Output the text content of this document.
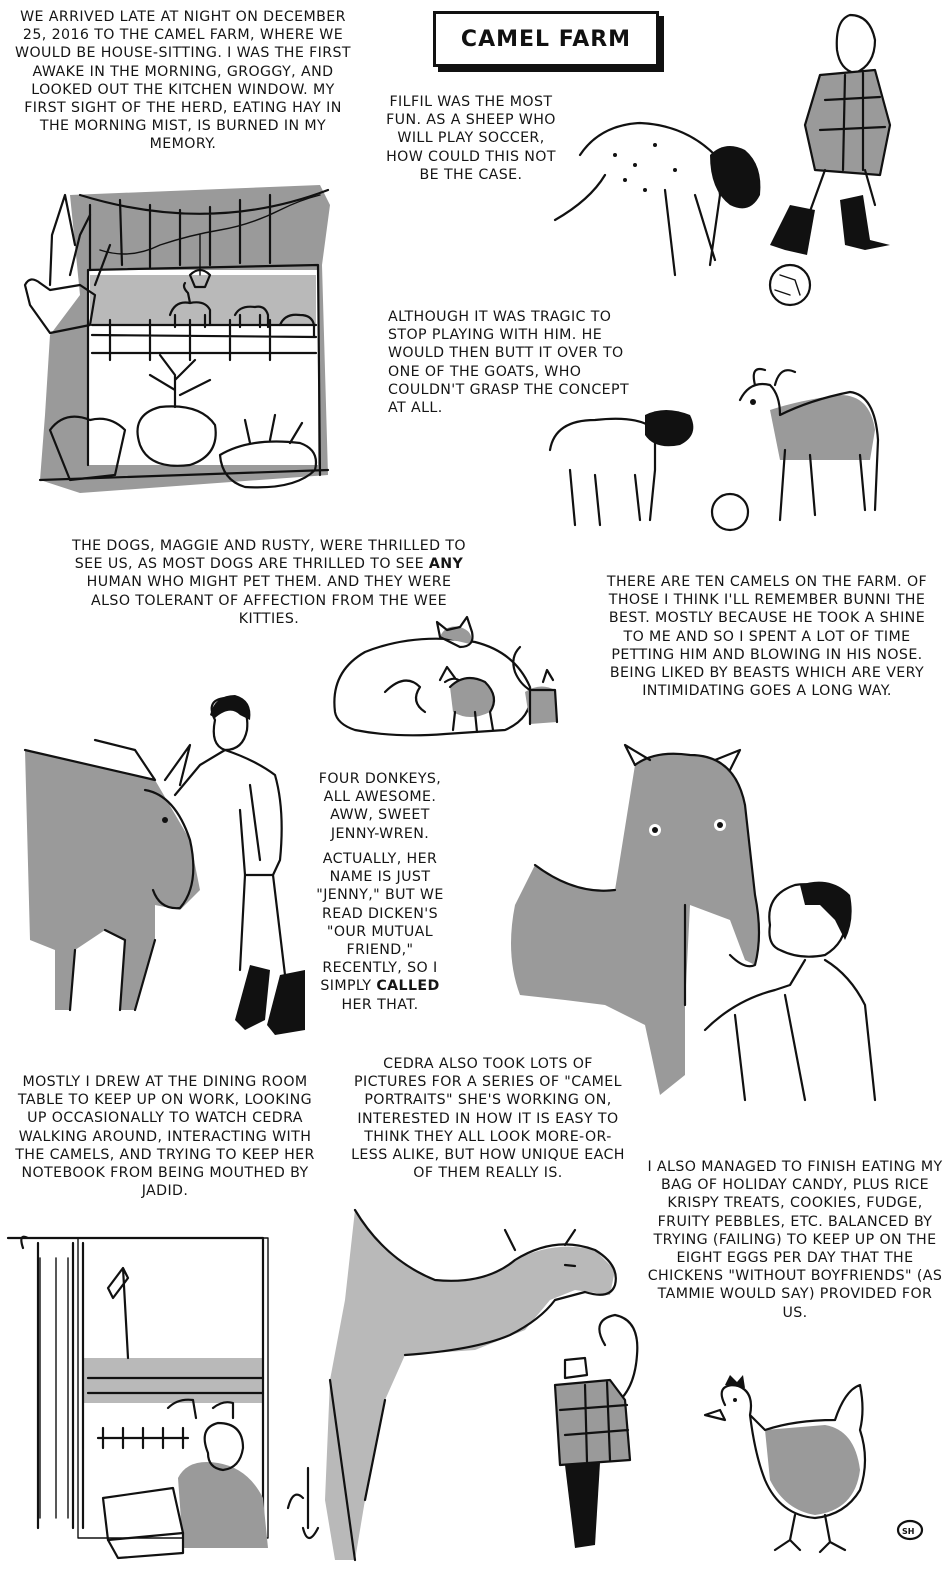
CAMEL FARM

WE ARRIVED LATE AT NIGHT ON DECEMBER 25, 2016 TO THE CAMEL FARM, WHERE WE WOULD BE HOUSE-SITTING. I WAS THE FIRST AWAKE IN THE MORNING, GROGGY, AND LOOKED OUT THE KITCHEN WINDOW. MY FIRST SIGHT OF THE HERD, EATING HAY IN THE MORNING MIST, IS BURNED IN MY MEMORY.

FILFIL WAS THE MOST FUN. AS A SHEEP WHO WILL PLAY SOCCER, HOW COULD THIS NOT BE THE CASE.

ALTHOUGH IT WAS TRAGIC TO STOP PLAYING WITH HIM. HE WOULD THEN BUTT IT OVER TO ONE OF THE GOATS, WHO COULDN'T GRASP THE CONCEPT AT ALL.

THE DOGS, MAGGIE AND RUSTY, WERE THRILLED TO SEE US, AS MOST DOGS ARE THRILLED TO SEE ANY HUMAN WHO MIGHT PET THEM. AND THEY WERE ALSO TOLERANT OF AFFECTION FROM THE WEE KITTIES.

THERE ARE TEN CAMELS ON THE FARM. OF THOSE I THINK I'LL REMEMBER BUNNI THE BEST. MOSTLY BECAUSE HE TOOK A SHINE TO ME AND SO I SPENT A LOT OF TIME PETTING HIM AND BLOWING IN HIS NOSE. BEING LIKED BY BEASTS WHICH ARE VERY INTIMIDATING GOES A LONG WAY.

FOUR DONKEYS, ALL AWESOME. AWW, SWEET JENNY-WREN.

ACTUALLY, HER NAME IS JUST "JENNY," BUT WE READ DICKEN'S "OUR MUTUAL FRIEND," RECENTLY, SO I SIMPLY CALLED HER THAT.

MOSTLY I DREW AT THE DINING ROOM TABLE TO KEEP UP ON WORK, LOOKING UP OCCASIONALLY TO WATCH CEDRA WALKING AROUND, INTERACTING WITH THE CAMELS, AND TRYING TO KEEP HER NOTEBOOK FROM BEING MOUTHED BY JADID.

CEDRA ALSO TOOK LOTS OF PICTURES FOR A SERIES OF "CAMEL PORTRAITS" SHE'S WORKING ON, INTERESTED IN HOW IT IS EASY TO THINK THEY ALL LOOK MORE-OR-LESS ALIKE, BUT HOW UNIQUE EACH OF THEM REALLY IS.	I ALSO MANAGED TO FINISH EATING MY BAG OF HOLIDAY CANDY, PLUS RICE KRISPY TREATS, COOKIES, FUDGE, FRUITY PEBBLES, ETC. BALANCED BY TRYING (FAILING) TO KEEP UP ON THE EIGHT EGGS PER DAY THAT THE CHICKENS "WITHOUT BOYFRIENDS" (AS TAMMIE WOULD SAY) PROVIDED FOR US.

SH
